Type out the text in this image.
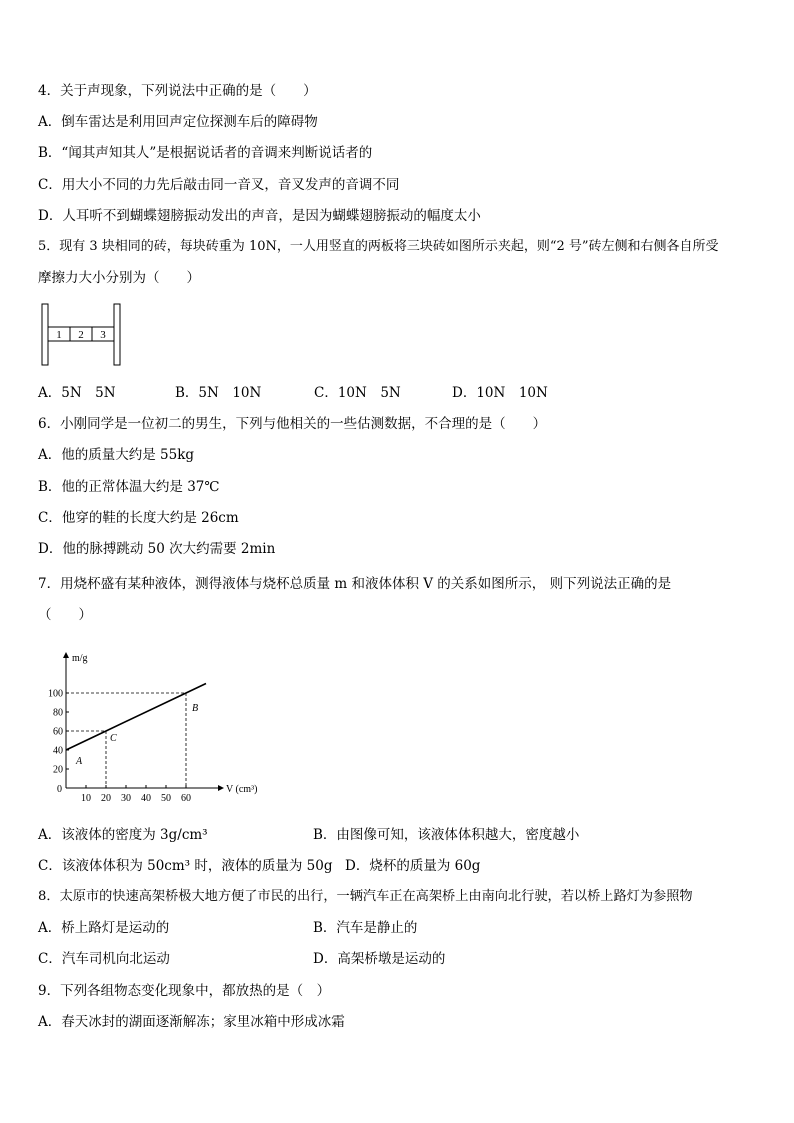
4．关于声现象，下列说法中正确的是（　　）
A．倒车雷达是利用回声定位探测车后的障碍物
B．“闻其声知其人”是根据说话者的音调来判断说话者的
C．用大小不同的力先后敲击同一音叉，音叉发声的音调不同
D．人耳听不到蝴蝶翅膀振动发出的声音，是因为蝴蝶翅膀振动的幅度太小
5．现有 3 块相同的砖，每块砖重为 10N，一人用竖直的两板将三块砖如图所示夹起，则“2 号”砖左侧和右侧各自所受
摩擦力大小分别为（　　）
1 2 3
A．5N　5N	B．5N　10N	C．10N　5N	D．10N　10N
6．小刚同学是一位初二的男生，下列与他相关的一些估测数据，不合理的是（　　）
A．他的质量大约是 55kg
B．他的正常体温大约是 37℃
C．他穿的鞋的长度大约是 26cm
D．他的脉搏跳动 50 次大约需要 2min
7．用烧杯盛有某种液体，测得液体与烧杯总质量 m 和液体体积 V 的关系如图所示， 则下列说法正确的是
（　　）
m/g
V (cm³)
0
10 20 30 40 50 60
20
40
60
80
100
A
C
B
A．该液体的密度为 3g/cm³	B．由图像可知，该液体体积越大，密度越小
C．该液体体积为 50cm³ 时，液体的质量为 50g D．烧杯的质量为 60g
8．太原市的快速高架桥极大地方便了市民的出行，一辆汽车正在高架桥上由南向北行驶，若以桥上路灯为参照物
A．桥上路灯是运动的	B．汽车是静止的
C．汽车司机向北运动	D．高架桥墩是运动的
9．下列各组物态变化现象中，都放热的是（　）
A．春天冰封的湖面逐渐解冻；家里冰箱中形成冰霜
